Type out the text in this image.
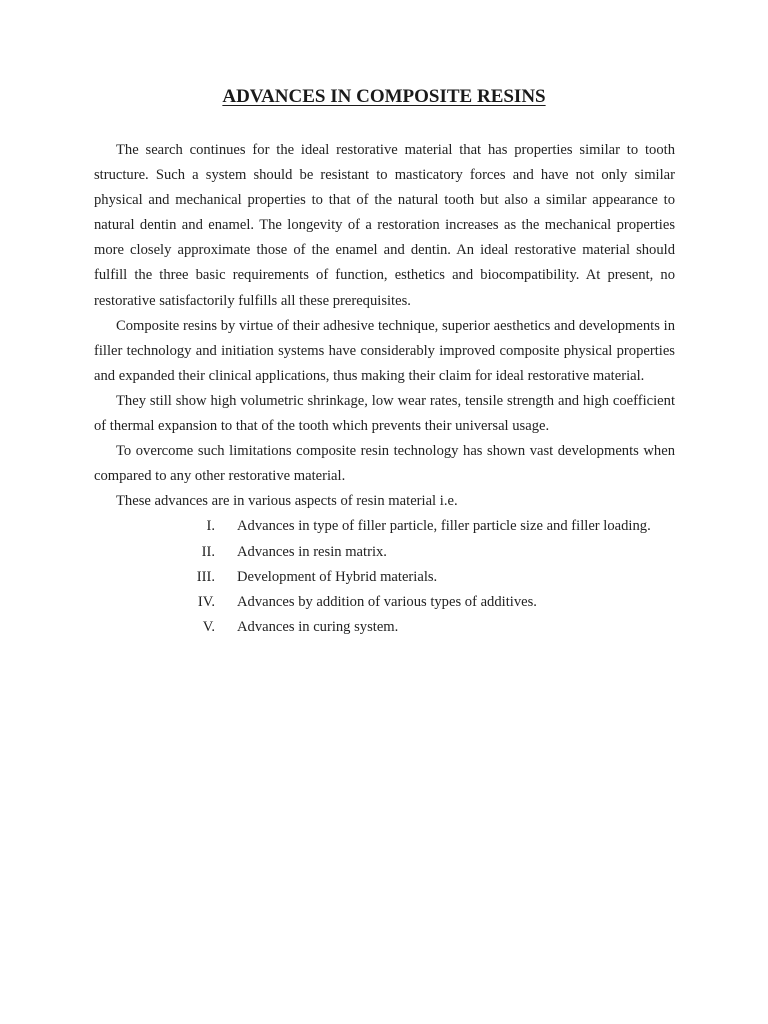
ADVANCES IN COMPOSITE RESINS

The search continues for the ideal restorative material that has properties similar to tooth structure. Such a system should be resistant to masticatory forces and have not only similar physical and mechanical properties to that of the natural tooth but also a similar appearance to natural dentin and enamel. The longevity of a restoration increases as the mechanical properties more closely approximate those of the enamel and dentin. An ideal restorative material should fulfill the three basic requirements of function, esthetics and biocompatibility. At present, no restorative satisfactorily fulfills all these prerequisites.

Composite resins by virtue of their adhesive technique, superior aesthetics and developments in filler technology and initiation systems have considerably improved composite physical properties and expanded their clinical applications, thus making their claim for ideal restorative material.

They still show high volumetric shrinkage, low wear rates, tensile strength and high coefficient of thermal expansion to that of the tooth which prevents their universal usage.

To overcome such limitations composite resin technology has shown vast developments when compared to any other restorative material.

These advances are in various aspects of resin material i.e.

I. Advances in type of filler particle, filler particle size and filler loading.
II. Advances in resin matrix.
III. Development of Hybrid materials.
IV. Advances by addition of various types of additives.
V. Advances in curing system.
